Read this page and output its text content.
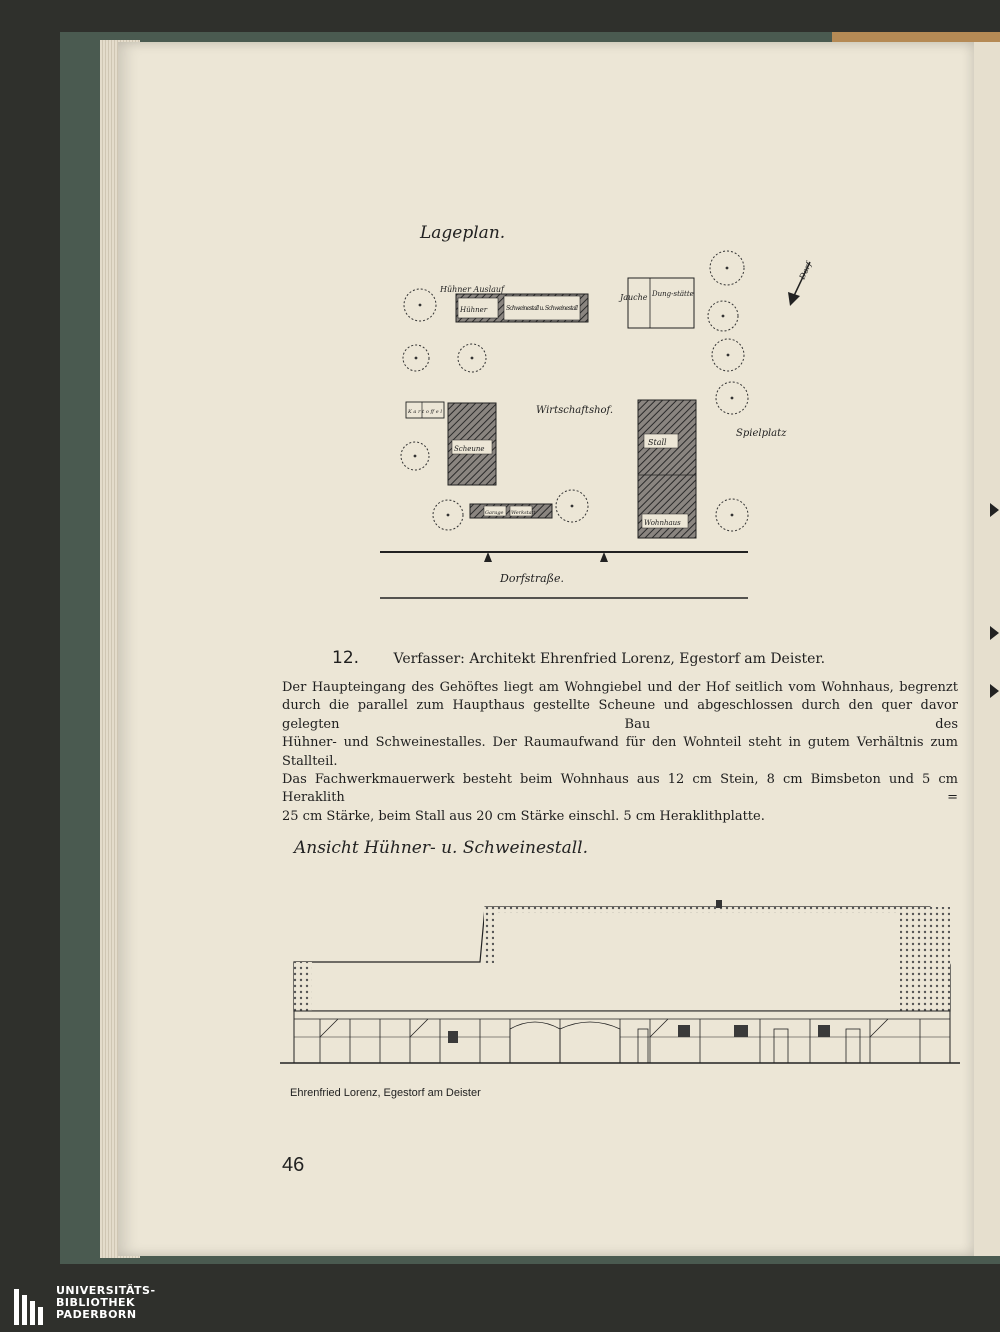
Lageplan.
Hühner Auslauf
Hühner	Schweinestall u. Schweinestall
Jauche Dung-stätte
Dorf
Kartoffel
Scheune
Wirtschaftshof.
Stall
Wohnhaus
Spielplatz
Garage Werkstatt
Dorfstraße.
12. Verfasser: Architekt Ehrenfried Lorenz, Egestorf am Deister.
Der Haupteingang des Gehöftes liegt am Wohngiebel und der Hof seitlich vom Wohnhaus, begrenzt
durch die parallel zum Haupthaus gestellte Scheune und abgeschlossen durch den quer davor gelegten Bau des
Hühner- und Schweinestalles. Der Raumaufwand für den Wohnteil steht in gutem Verhältnis zum Stallteil.
Das Fachwerkmauerwerk besteht beim Wohnhaus aus 12 cm Stein, 8 cm Bimsbeton und 5 cm Heraklith =
25 cm Stärke, beim Stall aus 20 cm Stärke einschl. 5 cm Heraklithplatte.
Ansicht Hühner- u. Schweinestall.
Ehrenfried Lorenz, Egestorf am Deister
46
UNIVERSITÄTS-
BIBLIOTHEK
PADERBORN
